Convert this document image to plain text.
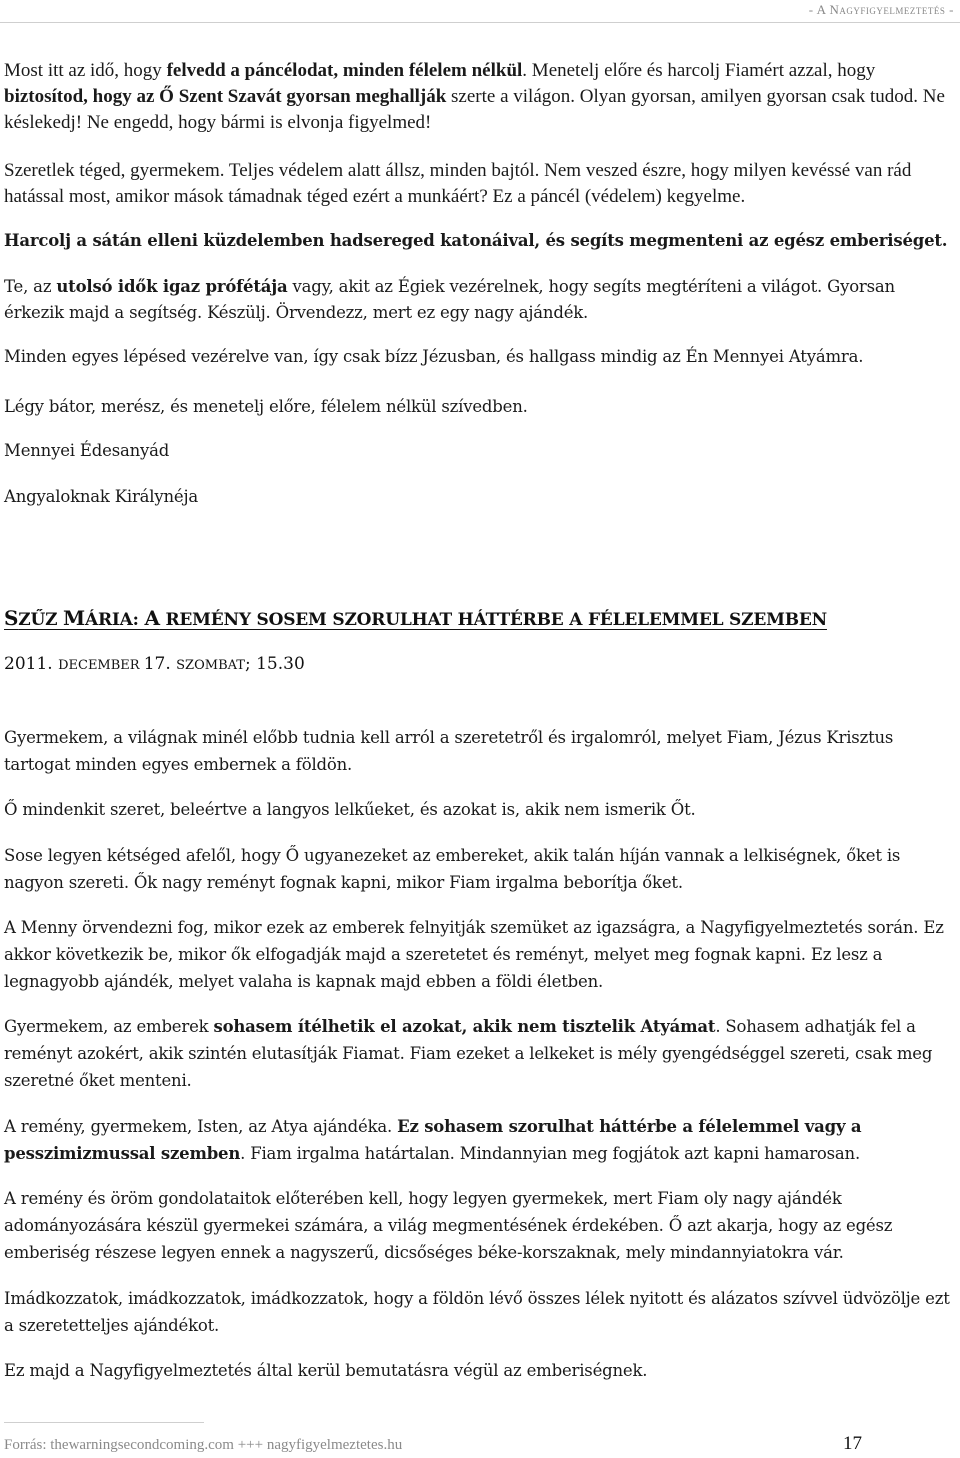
- A Nagyfigyelmeztetés -

Most itt az idő, hogy felvedd a páncélodat, minden félelem nélkül. Menetelj előre és harcolj Fiamért azzal, hogy biztosítod, hogy az Ő Szent Szavát gyorsan meghallják szerte a világon. Olyan gyorsan, amilyen gyorsan csak tudod. Ne késlekedj! Ne engedd, hogy bármi is elvonja figyelmed!

Szeretlek téged, gyermekem. Teljes védelem alatt állsz, minden bajtól. Nem veszed észre, hogy milyen kevéssé van rád hatással most, amikor mások támadnak téged ezért a munkáért? Ez a páncél (védelem) kegyelme.

Harcolj a sátán elleni küzdelemben hadsereged katonáival, és segíts megmenteni az egész emberiséget.

Te, az utolsó idők igaz prófétája vagy, akit az Égiek vezérelnek, hogy segíts megtéríteni a világot. Gyorsan érkezik majd a segítség. Készülj. Örvendezz, mert ez egy nagy ajándék.

Minden egyes lépésed vezérelve van, így csak bízz Jézusban, és hallgass mindig az Én Mennyei Atyámra.

Légy bátor, merész, és menetelj előre, félelem nélkül szívedben.

Mennyei Édesanyád

Angyaloknak Királynéja

SZŰZ MÁRIA: A REMÉNY SOSEM SZORULHAT HÁTTÉRBE A FÉLELEMMEL SZEMBEN

2011. DECEMBER 17. SZOMBAT; 15.30

Gyermekem, a világnak minél előbb tudnia kell arról a szeretetről és irgalomról, melyet Fiam, Jézus Krisztus tartogat minden egyes embernek a földön.

Ő mindenkit szeret, beleértve a langyos lelkűeket, és azokat is, akik nem ismerik Őt.

Sose legyen kétséged afelől, hogy Ő ugyanezeket az embereket, akik talán híján vannak a lelkiségnek, őket is nagyon szereti. Ők nagy reményt fognak kapni, mikor Fiam irgalma beborítja őket.

A Menny örvendezni fog, mikor ezek az emberek felnyitják szemüket az igazságra, a Nagyfigyelmeztetés során. Ez akkor következik be, mikor ők elfogadják majd a szeretetet és reményt, melyet meg fognak kapni. Ez lesz a legnagyobb ajándék, melyet valaha is kapnak majd ebben a földi életben.

Gyermekem, az emberek sohasem ítélhetik el azokat, akik nem tisztelik Atyámat. Sohasem adhatják fel a reményt azokért, akik szintén elutasítják Fiamat. Fiam ezeket a lelkeket is mély gyengédséggel szereti, csak meg szeretné őket menteni.

A remény, gyermekem, Isten, az Atya ajándéka. Ez sohasem szorulhat háttérbe a félelemmel vagy a pesszimizmussal szemben. Fiam irgalma határtalan. Mindannyian meg fogjátok azt kapni hamarosan.

A remény és öröm gondolataitok előterében kell, hogy legyen gyermekek, mert Fiam oly nagy ajándék adományozására készül gyermekei számára, a világ megmentésének érdekében. Ő azt akarja, hogy az egész emberiség részese legyen ennek a nagyszerű, dicsőséges béke-korszaknak, mely mindannyiatokra vár.

Imádkozzatok, imádkozzatok, imádkozzatok, hogy a földön lévő összes lélek nyitott és alázatos szívvel üdvözölje ezt a szeretetteljes ajándékot.

Ez majd a Nagyfigyelmeztetés által kerül bemutatásra végül az emberiségnek.

Forrás: thewarningsecondcoming.com +++ nagyfigyelmeztetes.hu	17
